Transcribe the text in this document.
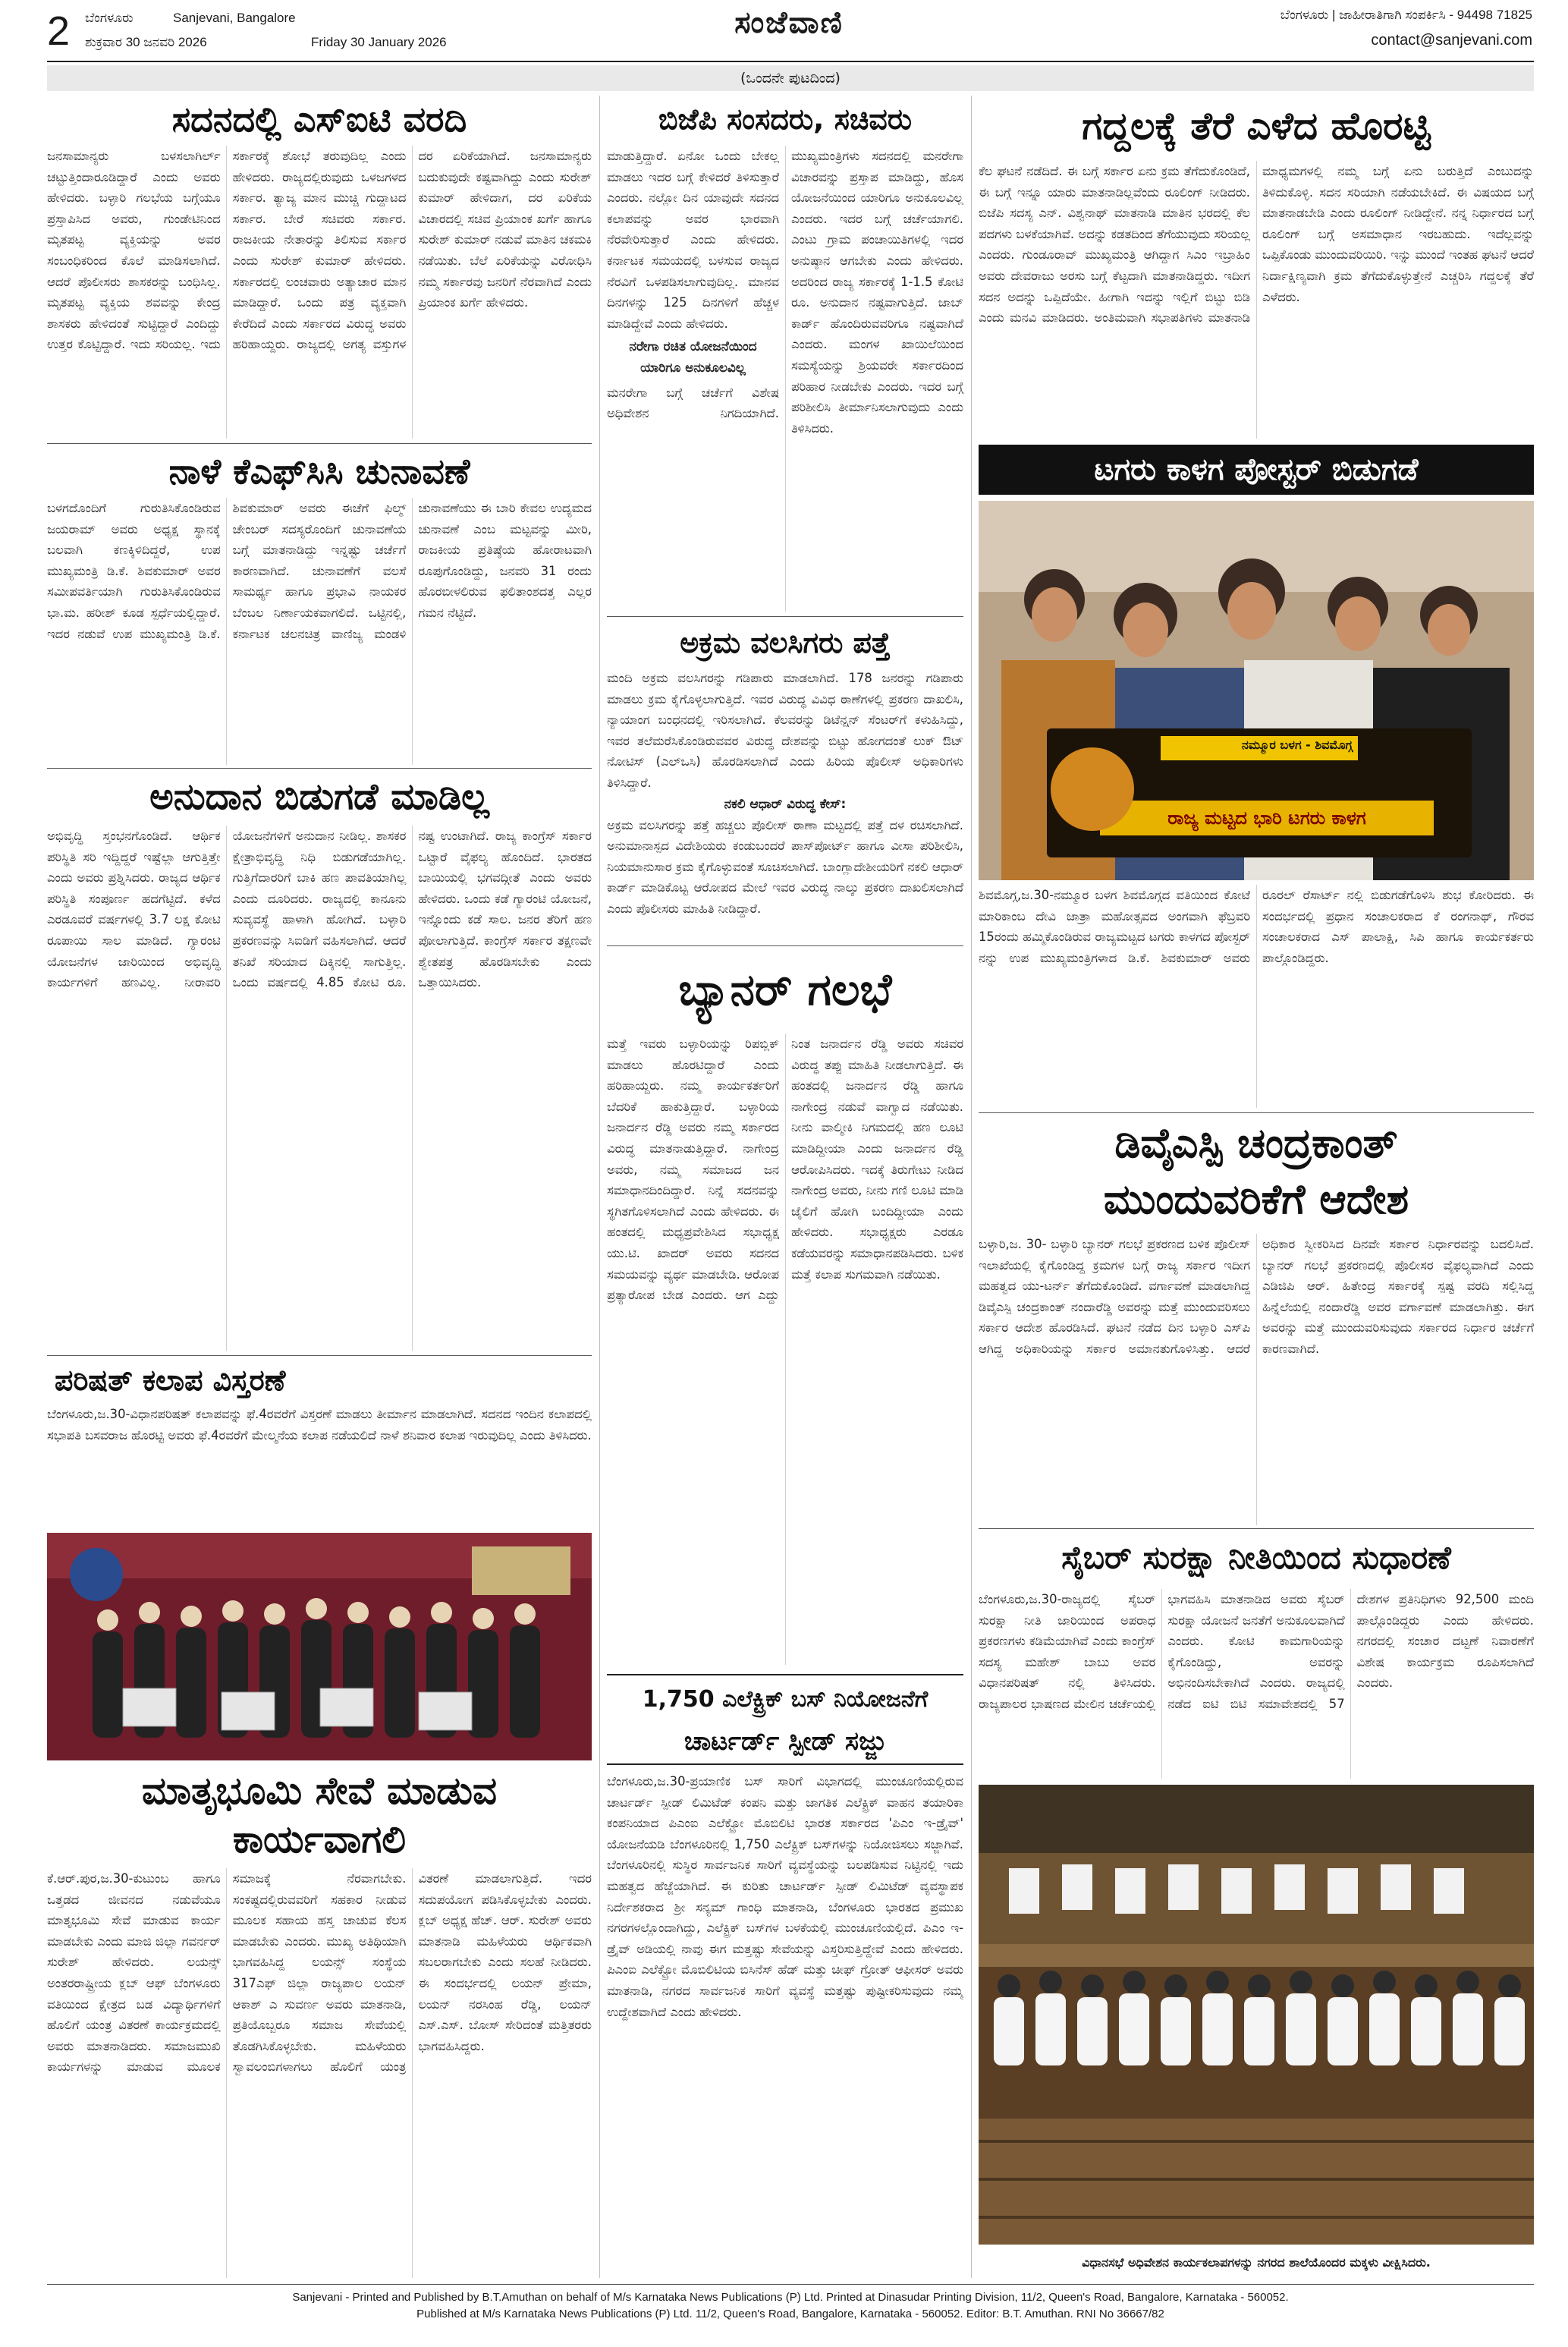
2 ಬೆಂಗಳೂರು	Sanjevani, Bangalore
ಶುಕ್ರವಾರ 30 ಜನವರಿ 2026	Friday 30 January 2026
ಸಂಜೆವಾಣಿ	ಬೆಂಗಳೂರು | ಜಾಹೀರಾತಿಗಾಗಿ ಸಂಪರ್ಕಿಸಿ - 94498 71825
contact@sanjevani.com
(ಒಂದನೇ ಪುಟದಿಂದ)
ಸದನದಲ್ಲಿ ಎಸ್‌ಐಟಿ ವರದಿ
ಜನಸಾಮಾನ್ಯರು ಬಳಸಲಾಗಿರ್ಲ್ ಚಟ್ಟುತ್ತಿಂದಾರೂಡಿದ್ದಾರೆ ಎಂದು ಅವರು ಹೇಳಿದರು. ಬಳ್ಳಾರಿ ಗಲಭೆಯ ಬಗ್ಗೆಯೂ ಪ್ರಸ್ತಾಪಿಸಿದ ಅವರು, ಗುಂಡೇಟಿನಿಂದ ಮೃತಪಟ್ಟ ವ್ಯಕ್ತಿಯನ್ನು ಅವರ ಸಂಬಂಧಿಕರಿಂದ ಕೊಲೆ ಮಾಡಿಸಲಾಗಿದೆ. ಆದರೆ ಪೊಲೀಸರು ಶಾಸಕರನ್ನು ಬಂಧಿಸಿಲ್ಲ. ಮೃತಪಟ್ಟ ವ್ಯಕ್ತಿಯ ಶವವನ್ನು ಕೇಂದ್ರ ಶಾಸಕರು ಹೇಳಿದಂತೆ ಸುಟ್ಟಿದ್ದಾರೆ ಎಂದಿದ್ದು ಉತ್ತರ ಕೊಟ್ಟಿದ್ದಾರೆ. ಇದು ಸರಿಯಲ್ಲ. ಇದು ಸರ್ಕಾರಕ್ಕೆ ಶೋಭೆ ತರುವುದಿಲ್ಲ ಎಂದು ಹೇಳಿದರು. ರಾಜ್ಯದಲ್ಲಿರುವುದು ಒಳಜಗಳದ ಸರ್ಕಾರ. ತ್ಯಾಜ್ಯ ಮಾನ ಮುಚ್ಚಿ ಗುದ್ದಾಟದ ಸರ್ಕಾರ. ಬೇರೆ ಸಚಿವರು ಸರ್ಕಾರ. ರಾಜಕೀಯ ನೇತಾರನ್ನು ತಿಲಿಸುವ ಸರ್ಕಾರ ಎಂದು ಸುರೇಶ್ ಕುಮಾರ್ ಹೇಳಿದರು. ಸರ್ಕಾರದಲ್ಲಿ ಲಂಚವಾರು ಅತ್ಯಾಚಾರ ಮಾನ ಮಾಡಿದ್ದಾರೆ. ಒಂದು ಪತ್ರ ವ್ಯಕ್ತವಾಗಿ ಕೇರೆದಿದೆ ಎಂದು ಸರ್ಕಾರದ ವಿರುದ್ಧ ಅವರು ಹರಿಹಾಯ್ದರು. ರಾಜ್ಯದಲ್ಲಿ ಅಗತ್ಯ ವಸ್ತುಗಳ ದರ ಏರಿಕೆಯಾಗಿದೆ. ಜನಸಾಮಾನ್ಯರು ಬದುಕುವುದೇ ಕಷ್ಟವಾಗಿದ್ದು ಎಂದು ಸುರೇಶ್ ಕುಮಾರ್ ಹೇಳಿದಾಗ, ದರ ಏರಿಕೆಯ ವಿಚಾರದಲ್ಲಿ ಸಚಿವ ಪ್ರಿಯಾಂಕ ಖರ್ಗೆ ಹಾಗೂ ಸುರೇಶ್ ಕುಮಾರ್ ನಡುವೆ ಮಾತಿನ ಚಕಮಕಿ ನಡೆಯಿತು. ಬೆಲೆ ಏರಿಕೆಯನ್ನು ವಿರೋಧಿಸಿ ನಮ್ಮ ಸರ್ಕಾರವು ಜನರಿಗೆ ನೆರವಾಗಿದೆ ಎಂದು ಪ್ರಿಯಾಂಕ ಖರ್ಗೆ ಹೇಳಿದರು.
ನಾಳೆ ಕೆಎಫ್‌ಸಿಸಿ ಚುನಾವಣೆ
ಬಳಗದೊಂದಿಗೆ ಗುರುತಿಸಿಕೊಂಡಿರುವ ಜಯರಾಮ್ ಅವರು ಅಧ್ಯಕ್ಷ ಸ್ಥಾನಕ್ಕೆ ಬಲವಾಗಿ ಕಣಕ್ಕಿಳಿದಿದ್ದರೆ, ಉಪ ಮುಖ್ಯಮಂತ್ರಿ ಡಿ.ಕೆ. ಶಿವಕುಮಾರ್ ಅವರ ಸಮೀಪವರ್ತಿಯಾಗಿ ಗುರುತಿಸಿಕೊಂಡಿರುವ ಭಾ.ಮ. ಹರೀಶ್ ಕೂಡ ಸ್ಪರ್ಧೆಯಲ್ಲಿದ್ದಾರೆ. ಇದರ ನಡುವೆ ಉಪ ಮುಖ್ಯಮಂತ್ರಿ ಡಿ.ಕೆ. ಶಿವಕುಮಾರ್ ಅವರು ಈಚೆಗೆ ಫಿಲ್ಮ್ ಚೇಂಬರ್ ಸದಸ್ಯರೊಂದಿಗೆ ಚುನಾವಣೆಯ ಬಗ್ಗೆ ಮಾತನಾಡಿದ್ದು ಇನ್ನಷ್ಟು ಚರ್ಚೆಗೆ ಕಾರಣವಾಗಿದೆ. ಚುನಾವಣೆಗೆ ವಲಸೆ ಸಾಮರ್ಥ್ಯ ಹಾಗೂ ಪ್ರಭಾವಿ ನಾಯಕರ ಬೆಂಬಲ ನಿರ್ಣಾಯಕವಾಗಲಿದೆ. ಒಟ್ಟಿನಲ್ಲಿ, ಕರ್ನಾಟಕ ಚಲನಚಿತ್ರ ವಾಣಿಜ್ಯ ಮಂಡಳಿ ಚುನಾವಣೆಯು ಈ ಬಾರಿ ಕೇವಲ ಉದ್ಯಮದ ಚುನಾವಣೆ ಎಂಬ ಮಟ್ಟವನ್ನು ಮೀರಿ, ರಾಜಕೀಯ ಪ್ರತಿಷ್ಠೆಯ ಹೋರಾಟವಾಗಿ ರೂಪುಗೊಂಡಿದ್ದು, ಜನವರಿ 31 ರಂದು ಹೊರಬೀಳಲಿರುವ ಫಲಿತಾಂಶದತ್ತ ಎಲ್ಲರ ಗಮನ ನೆಟ್ಟಿದೆ.
ಅನುದಾನ ಬಿಡುಗಡೆ ಮಾಡಿಲ್ಲ
ಅಭಿವೃದ್ಧಿ ಸ್ತಂಭನಗೊಂಡಿದೆ. ಆರ್ಥಿಕ ಪರಿಸ್ಥಿತಿ ಸರಿ ಇದ್ದಿದ್ದರೆ ಇಷ್ಟೆಲ್ಲಾ ಆಗುತ್ತಿತ್ತೇ ಎಂದು ಅವರು ಪ್ರಶ್ನಿಸಿದರು. ರಾಜ್ಯದ ಆರ್ಥಿಕ ಪರಿಸ್ಥಿತಿ ಸಂಪೂರ್ಣ ಹದಗೆಟ್ಟಿದೆ. ಕಳೆದ ಎರಡೂವರೆ ವರ್ಷಗಳಲ್ಲಿ 3.7 ಲಕ್ಷ ಕೋಟಿ ರೂಪಾಯಿ ಸಾಲ ಮಾಡಿದೆ. ಗ್ಯಾರಂಟಿ ಯೋಜನೆಗಳ ಜಾರಿಯಿಂದ ಅಭಿವೃದ್ಧಿ ಕಾರ್ಯಗಳಿಗೆ ಹಣವಿಲ್ಲ. ನೀರಾವರಿ ಯೋಜನೆಗಳಿಗೆ ಅನುದಾನ ನೀಡಿಲ್ಲ. ಶಾಸಕರ ಕ್ಷೇತ್ರಾಭಿವೃದ್ಧಿ ನಿಧಿ ಬಿಡುಗಡೆಯಾಗಿಲ್ಲ. ಗುತ್ತಿಗೆದಾರರಿಗೆ ಬಾಕಿ ಹಣ ಪಾವತಿಯಾಗಿಲ್ಲ ಎಂದು ದೂರಿದರು. ರಾಜ್ಯದಲ್ಲಿ ಕಾನೂನು ಸುವ್ಯವಸ್ಥೆ ಹಾಳಾಗಿ ಹೋಗಿದೆ. ಬಳ್ಳಾರಿ ಪ್ರಕರಣವನ್ನು ಸಿಐಡಿಗೆ ವಹಿಸಲಾಗಿದೆ. ಆದರೆ ತನಿಖೆ ಸರಿಯಾದ ದಿಕ್ಕಿನಲ್ಲಿ ಸಾಗುತ್ತಿಲ್ಲ. ಒಂದು ವರ್ಷದಲ್ಲಿ 4.85 ಕೋಟಿ ರೂ. ನಷ್ಟ ಉಂಟಾಗಿದೆ. ರಾಜ್ಯ ಕಾಂಗ್ರೆಸ್ ಸರ್ಕಾರ ಒಟ್ಟಾರೆ ವೈಫಲ್ಯ ಹೊಂದಿದೆ. ಭಾರತದ ಬಾಯಿಯಲ್ಲಿ ಭಗವದ್ಗೀತೆ ಎಂದು ಅವರು ಹೇಳಿದರು. ಒಂದು ಕಡೆ ಗ್ಯಾರಂಟಿ ಯೋಜನೆ, ಇನ್ನೊಂದು ಕಡೆ ಸಾಲ. ಜನರ ತೆರಿಗೆ ಹಣ ಪೋಲಾಗುತ್ತಿದೆ. ಕಾಂಗ್ರೆಸ್ ಸರ್ಕಾರ ತಕ್ಷಣವೇ ಶ್ವೇತಪತ್ರ ಹೊರಡಿಸಬೇಕು ಎಂದು ಒತ್ತಾಯಿಸಿದರು.
ಪರಿಷತ್ ಕಲಾಪ ವಿಸ್ತರಣೆ
ಬೆಂಗಳೂರು,ಜ.30-ವಿಧಾನಪರಿಷತ್ ಕಲಾಪವನ್ನು ಫೆ.4ರವರೆಗೆ ವಿಸ್ತರಣೆ ಮಾಡಲು ತೀರ್ಮಾನ ಮಾಡಲಾಗಿದೆ. ಸದನದ ಇಂದಿನ ಕಲಾಪದಲ್ಲಿ ಸಭಾಪತಿ ಬಸವರಾಜ ಹೊರಟ್ಟಿ ಅವರು ಫೆ.4ರವರೆಗೆ ಮೇಲ್ಮನೆಯ ಕಲಾಪ ನಡೆಯಲಿದೆ ನಾಳೆ ಶನಿವಾರ ಕಲಾಪ ಇರುವುದಿಲ್ಲ ಎಂದು ತಿಳಿಸಿದರು.
ಮಾತೃಭೂಮಿ ಸೇವೆ ಮಾಡುವ
ಕಾರ್ಯವಾಗಲಿ
ಕೆ.ಆರ್.ಪುರ,ಜ.30-ಕುಟುಂಬ ಹಾಗೂ ಒತ್ತಡದ ಜೀವನದ ನಡುವೆಯೂ ಮಾತೃಭೂಮಿ ಸೇವೆ ಮಾಡುವ ಕಾರ್ಯ ಮಾಡಬೇಕು ಎಂದು ಮಾಜಿ ಜಿಲ್ಲಾ ಗವರ್ನರ್ ಸುರೇಶ್ ಹೇಳಿದರು. ಲಯನ್ಸ್ ಅಂತರರಾಷ್ಟ್ರೀಯ ಕ್ಲಬ್ ಆಫ್ ಬೆಂಗಳೂರು ವತಿಯಿಂದ ಕ್ಷೇತ್ರದ ಬಡ ವಿದ್ಯಾರ್ಥಿಗಳಿಗೆ ಹೊಲಿಗೆ ಯಂತ್ರ ವಿತರಣೆ ಕಾರ್ಯಕ್ರಮದಲ್ಲಿ ಅವರು ಮಾತನಾಡಿದರು. ಸಮಾಜಮುಖಿ ಕಾರ್ಯಗಳನ್ನು ಮಾಡುವ ಮೂಲಕ ಸಮಾಜಕ್ಕೆ ನೆರವಾಗಬೇಕು. ಸಂಕಷ್ಟದಲ್ಲಿರುವವರಿಗೆ ಸಹಕಾರ ನೀಡುವ ಮೂಲಕ ಸಹಾಯ ಹಸ್ತ ಚಾಚುವ ಕೆಲಸ ಮಾಡಬೇಕು ಎಂದರು. ಮುಖ್ಯ ಅತಿಥಿಯಾಗಿ ಭಾಗವಹಿಸಿದ್ದ ಲಯನ್ಸ್ ಸಂಸ್ಥೆಯ 317ಎಫ್ ಜಿಲ್ಲಾ ರಾಜ್ಯಪಾಲ ಲಯನ್ ಆಕಾಶ್ ಎ ಸುವರ್ಣ ಅವರು ಮಾತನಾಡಿ, ಪ್ರತಿಯೊಬ್ಬರೂ ಸಮಾಜ ಸೇವೆಯಲ್ಲಿ ತೊಡಗಿಸಿಕೊಳ್ಳಬೇಕು. ಮಹಿಳೆಯರು ಸ್ವಾವಲಂಬಿಗಳಾಗಲು ಹೊಲಿಗೆ ಯಂತ್ರ ವಿತರಣೆ ಮಾಡಲಾಗುತ್ತಿದೆ. ಇದರ ಸದುಪಯೋಗ ಪಡಿಸಿಕೊಳ್ಳಬೇಕು ಎಂದರು. ಕ್ಲಬ್ ಅಧ್ಯಕ್ಷ ಹೆಚ್. ಆರ್. ಸುರೇಶ್ ಅವರು ಮಾತನಾಡಿ ಮಹಿಳೆಯರು ಆರ್ಥಿಕವಾಗಿ ಸಬಲರಾಗಬೇಕು ಎಂದು ಸಲಹೆ ನೀಡಿದರು. ಈ ಸಂದರ್ಭದಲ್ಲಿ ಲಯನ್ ಪ್ರೇಮಾ, ಲಯನ್ ನರಸಿಂಹ ರೆಡ್ಡಿ, ಲಯನ್ ಎಸ್.ಎಸ್. ಬೋಸ್ ಸೇರಿದಂತೆ ಮತ್ತಿತರರು ಭಾಗವಹಿಸಿದ್ದರು.
ಬಿಜೆಪಿ ಸಂಸದರು, ಸಚಿವರು
ಮಾಡುತ್ತಿದ್ದಾರೆ. ಏನೋ ಒಂದು ಬೇಕಲ್ಲ ಮಾಡಲು ಇದರ ಬಗ್ಗೆ ಕೇಳಿದರೆ ತಿಳಿಸುತ್ತಾರೆ ಎಂದರು. ನಲ್ಲೋ ದಿನ ಯಾವುದೇ ಸದನದ ಕಲಾಪವನ್ನು ಅವರ ಭಾರವಾಗಿ ನೆರವೇರಿಸುತ್ತಾರೆ ಎಂದು ಹೇಳಿದರು. ಕರ್ನಾಟಕ ಸಮಯದಲ್ಲಿ ಬಳಸುವ ರಾಜ್ಯದ ನೆರವಿಗೆ ಒಳಪಡಿಸಲಾಗುವುದಿಲ್ಲ. ಮಾನವ ದಿನಗಳನ್ನು 125 ದಿನಗಳಿಗೆ ಹೆಚ್ಚಳ ಮಾಡಿದ್ದೇವೆ ಎಂದು ಹೇಳಿದರು.
ನರೇಗಾ ರಚಿತ ಯೋಜನೆಯಿಂದ ಯಾರಿಗೂ ಅನುಕೂಲವಿಲ್ಲ
ಮನರೇಗಾ ಬಗ್ಗೆ ಚರ್ಚೆಗೆ ವಿಶೇಷ ಅಧಿವೇಶನ ನಿಗದಿಯಾಗಿದೆ. ಮುಖ್ಯಮಂತ್ರಿಗಳು ಸದನದಲ್ಲಿ ಮನರೇಗಾ ವಿಚಾರವನ್ನು ಪ್ರಸ್ತಾಪ ಮಾಡಿದ್ದು, ಹೊಸ ಯೋಜನೆಯಿಂದ ಯಾರಿಗೂ ಅನುಕೂಲವಿಲ್ಲ ಎಂದರು. ಇದರ ಬಗ್ಗೆ ಚರ್ಚೆಯಾಗಲಿ. ಎಂಟು ಗ್ರಾಮ ಪಂಚಾಯಿತಿಗಳಲ್ಲಿ ಇದರ ಅನುಷ್ಠಾನ ಆಗಬೇಕು ಎಂದು ಹೇಳಿದರು. ಅದರಿಂದ ರಾಜ್ಯ ಸರ್ಕಾರಕ್ಕೆ 1-1.5 ಕೋಟಿ ರೂ. ಅನುದಾನ ನಷ್ಟವಾಗುತ್ತಿದೆ. ಜಾಬ್ ಕಾರ್ಡ್ ಹೊಂದಿರುವವರಿಗೂ ನಷ್ಟವಾಗಿದೆ ಎಂದರು. ಮಂಗಳ ಖಾಯಿಲೆಯಿಂದ ಸಮಸ್ಯೆಯನ್ನು ಶ್ರಿಯವರೇ ಸರ್ಕಾರದಿಂದ ಪರಿಹಾರ ನೀಡಬೇಕು ಎಂದರು. ಇದರ ಬಗ್ಗೆ ಪರಿಶೀಲಿಸಿ ತೀರ್ಮಾನಿಸಲಾಗುವುದು ಎಂದು ತಿಳಿಸಿದರು.
ಅಕ್ರಮ ವಲಸಿಗರು ಪತ್ತೆ
ಮಂದಿ ಅಕ್ರಮ ವಲಸಿಗರನ್ನು ಗಡಿಪಾರು ಮಾಡಲಾಗಿದೆ. 178 ಜನರನ್ನು ಗಡಿಪಾರು ಮಾಡಲು ಕ್ರಮ ಕೈಗೊಳ್ಳಲಾಗುತ್ತಿದೆ. ಇವರ ವಿರುದ್ಧ ವಿವಿಧ ಠಾಣೆಗಳಲ್ಲಿ ಪ್ರಕರಣ ದಾಖಲಿಸಿ, ನ್ಯಾಯಾಂಗ ಬಂಧನದಲ್ಲಿ ಇರಿಸಲಾಗಿದೆ. ಕೆಲವರನ್ನು ಡಿಟೆನ್ಷನ್ ಸೆಂಟರ್‌ಗೆ ಕಳುಹಿಸಿದ್ದು, ಇವರ ತಲೆಮರೆಸಿಕೊಂಡಿರುವವರ ವಿರುದ್ಧ ದೇಶವನ್ನು ಬಿಟ್ಟು ಹೋಗದಂತೆ ಲುಕ್ ಔಟ್ ನೋಟಿಸ್ (ಎಲ್‌ಒಸಿ) ಹೊರಡಿಸಲಾಗಿದೆ ಎಂದು ಹಿರಿಯ ಪೊಲೀಸ್ ಅಧಿಕಾರಿಗಳು ತಿಳಿಸಿದ್ದಾರೆ.
ನಕಲಿ ಆಧಾರ್ ವಿರುದ್ಧ ಕೇಸ್:
ಅಕ್ರಮ ವಲಸಿಗರನ್ನು ಪತ್ತೆ ಹಚ್ಚಲು ಪೊಲೀಸ್ ಠಾಣಾ ಮಟ್ಟದಲ್ಲಿ ಪತ್ತೆ ದಳ ರಚಿಸಲಾಗಿದೆ. ಅನುಮಾನಾಸ್ಪದ ವಿದೇಶಿಯರು ಕಂಡುಬಂದರೆ ಪಾಸ್‌ಪೋರ್ಟ್ ಹಾಗೂ ವೀಸಾ ಪರಿಶೀಲಿಸಿ, ನಿಯಮಾನುಸಾರ ಕ್ರಮ ಕೈಗೊಳ್ಳುವಂತೆ ಸೂಚಿಸಲಾಗಿದೆ. ಬಾಂಗ್ಲಾದೇಶೀಯರಿಗೆ ನಕಲಿ ಆಧಾರ್ ಕಾರ್ಡ್ ಮಾಡಿಕೊಟ್ಟ ಆರೋಪದ ಮೇಲೆ ಇವರ ವಿರುದ್ಧ ನಾಲ್ಕು ಪ್ರಕರಣ ದಾಖಲಿಸಲಾಗಿದೆ ಎಂದು ಪೊಲೀಸರು ಮಾಹಿತಿ ನೀಡಿದ್ದಾರೆ.
ಬ್ಯಾನರ್ ಗಲಭೆ
ಮತ್ತೆ ಇವರು ಬಳ್ಳಾರಿಯನ್ನು ರಿಪಬ್ಲಿಕ್ ಮಾಡಲು ಹೊರಟಿದ್ದಾರೆ ಎಂದು ಹರಿಹಾಯ್ದರು. ನಮ್ಮ ಕಾರ್ಯಕರ್ತರಿಗೆ ಬೆದರಿಕೆ ಹಾಕುತ್ತಿದ್ದಾರೆ. ಬಳ್ಳಾರಿಯ ಜನಾರ್ದನ ರೆಡ್ಡಿ ಅವರು ನಮ್ಮ ಸರ್ಕಾರದ ವಿರುದ್ಧ ಮಾತನಾಡುತ್ತಿದ್ದಾರೆ. ನಾಗೇಂದ್ರ ಅವರು, ನಮ್ಮ ಸಮಾಜದ ಜನ ಸಮಾಧಾನದಿಂದಿದ್ದಾರೆ. ನಿನ್ನೆ ಸದನವನ್ನು ಸ್ಥಗಿತಗೊಳಿಸಲಾಗಿದೆ ಎಂದು ಹೇಳಿದರು. ಈ ಹಂತದಲ್ಲಿ ಮಧ್ಯಪ್ರವೇಶಿಸಿದ ಸಭಾಧ್ಯಕ್ಷ ಯು.ಟಿ. ಖಾದರ್ ಅವರು ಸದನದ ಸಮಯವನ್ನು ವ್ಯರ್ಥ ಮಾಡಬೇಡಿ. ಆರೋಪ ಪ್ರತ್ಯಾರೋಪ ಬೇಡ ಎಂದರು. ಆಗ ಎದ್ದು ನಿಂತ ಜನಾರ್ದನ ರೆಡ್ಡಿ ಅವರು ಸಚಿವರ ವಿರುದ್ಧ ತಪ್ಪು ಮಾಹಿತಿ ನೀಡಲಾಗುತ್ತಿದೆ. ಈ ಹಂತದಲ್ಲಿ ಜನಾರ್ದನ ರೆಡ್ಡಿ ಹಾಗೂ ನಾಗೇಂದ್ರ ನಡುವೆ ವಾಗ್ವಾದ ನಡೆಯಿತು. ನೀನು ವಾಲ್ಮೀಕಿ ನಿಗಮದಲ್ಲಿ ಹಣ ಲೂಟಿ ಮಾಡಿದ್ದೀಯಾ ಎಂದು ಜನಾರ್ದನ ರೆಡ್ಡಿ ಆರೋಪಿಸಿದರು. ಇದಕ್ಕೆ ತಿರುಗೇಟು ನೀಡಿದ ನಾಗೇಂದ್ರ ಅವರು, ನೀನು ಗಣಿ ಲೂಟಿ ಮಾಡಿ ಜೈಲಿಗೆ ಹೋಗಿ ಬಂದಿದ್ದೀಯಾ ಎಂದು ಹೇಳಿದರು. ಸಭಾಧ್ಯಕ್ಷರು ಎರಡೂ ಕಡೆಯವರನ್ನು ಸಮಾಧಾನಪಡಿಸಿದರು. ಬಳಿಕ ಮತ್ತೆ ಕಲಾಪ ಸುಗಮವಾಗಿ ನಡೆಯಿತು.
1,750 ಎಲೆಕ್ಟ್ರಿಕ್ ಬಸ್ ನಿಯೋಜನೆಗೆ
ಚಾರ್ಟರ್ಡ್ ಸ್ಪೀಡ್ ಸಜ್ಜು
ಬೆಂಗಳೂರು,ಜ.30-ಪ್ರಯಾಣಿಕ ಬಸ್ ಸಾರಿಗೆ ವಿಭಾಗದಲ್ಲಿ ಮುಂಚೂಣಿಯಲ್ಲಿರುವ ಚಾರ್ಟರ್ಡ್ ಸ್ಪೀಡ್ ಲಿಮಿಟೆಡ್ ಕಂಪನಿ ಮತ್ತು ಜಾಗತಿಕ ಎಲೆಕ್ಟ್ರಿಕ್ ವಾಹನ ತಯಾರಿಕಾ ಕಂಪನಿಯಾದ ಪಿಎಂಐ ಎಲೆಕ್ಟ್ರೋ ಮೊಬಿಲಿಟಿ ಭಾರತ ಸರ್ಕಾರದ 'ಪಿಎಂ ಇ-ಡ್ರೈವ್' ಯೋಜನೆಯಡಿ ಬೆಂಗಳೂರಿನಲ್ಲಿ 1,750 ಎಲೆಕ್ಟ್ರಿಕ್ ಬಸ್‌ಗಳನ್ನು ನಿಯೋಜಿಸಲು ಸಜ್ಜಾಗಿವೆ. ಬೆಂಗಳೂರಿನಲ್ಲಿ ಸುಸ್ಥಿರ ಸಾರ್ವಜನಿಕ ಸಾರಿಗೆ ವ್ಯವಸ್ಥೆಯನ್ನು ಬಲಪಡಿಸುವ ನಿಟ್ಟಿನಲ್ಲಿ ಇದು ಮಹತ್ವದ ಹೆಜ್ಜೆಯಾಗಿದೆ. ಈ ಕುರಿತು ಚಾರ್ಟರ್ಡ್ ಸ್ಪೀಡ್ ಲಿಮಿಟೆಡ್ ವ್ಯವಸ್ಥಾಪಕ ನಿರ್ದೇಶಕರಾದ ಶ್ರೀ ಸನ್ಯಮ್ ಗಾಂಧಿ ಮಾತನಾಡಿ, ಬೆಂಗಳೂರು ಭಾರತದ ಪ್ರಮುಖ ನಗರಗಳಲ್ಲೊಂದಾಗಿದ್ದು, ಎಲೆಕ್ಟ್ರಿಕ್ ಬಸ್‌ಗಳ ಬಳಕೆಯಲ್ಲಿ ಮುಂಚೂಣಿಯಲ್ಲಿದೆ. ಪಿಎಂ ಇ-ಡ್ರೈವ್ ಅಡಿಯಲ್ಲಿ ನಾವು ಈಗ ಮತ್ತಷ್ಟು ಸೇವೆಯನ್ನು ವಿಸ್ತರಿಸುತ್ತಿದ್ದೇವೆ ಎಂದು ಹೇಳಿದರು. ಪಿಎಂಐ ಎಲೆಕ್ಟ್ರೋ ಮೊಬಿಲಿಟಿಯ ಬಿಸಿನೆಸ್ ಹೆಡ್ ಮತ್ತು ಚೀಫ್ ಗ್ರೋತ್ ಆಫೀಸರ್ ಅವರು ಮಾತನಾಡಿ, ನಗರದ ಸಾರ್ವಜನಿಕ ಸಾರಿಗೆ ವ್ಯವಸ್ಥೆ ಮತ್ತಷ್ಟು ಪುಷ್ಟೀಕರಿಸುವುದು ನಮ್ಮ ಉದ್ದೇಶವಾಗಿದೆ ಎಂದು ಹೇಳಿದರು.
ಗದ್ದಲಕ್ಕೆ ತೆರೆ ಎಳೆದ ಹೊರಟ್ಟಿ
ಕೆಲ ಘಟನೆ ನಡೆದಿದೆ. ಈ ಬಗ್ಗೆ ಸರ್ಕಾರ ಏನು ಕ್ರಮ ತೆಗೆದುಕೊಂಡಿದೆ, ಈ ಬಗ್ಗೆ ಇನ್ನೂ ಯಾರು ಮಾತನಾಡಿಲ್ಲವೆಂದು ರೂಲಿಂಗ್ ನೀಡಿದರು. ಬಿಜೆಪಿ ಸದಸ್ಯ ಎನ್. ವಿಶ್ವನಾಥ್ ಮಾತನಾಡಿ ಮಾತಿನ ಭರದಲ್ಲಿ ಕೆಲ ಪದಗಳು ಬಳಕೆಯಾಗಿವೆ. ಅದನ್ನು ಕಡತದಿಂದ ತೆಗೆಯುವುದು ಸರಿಯಲ್ಲ ಎಂದರು. ಗುಂಡೂರಾವ್ ಮುಖ್ಯಮಂತ್ರಿ ಆಗಿದ್ದಾಗ ಸಿಎಂ ಇಬ್ರಾಹಿಂ ಅವರು ದೇವರಾಜು ಅರಸು ಬಗ್ಗೆ ಕೆಟ್ಟದಾಗಿ ಮಾತನಾಡಿದ್ದರು. ಇದೀಗ ಸದನ ಅದನ್ನು ಒಪ್ಪಿದೆಯೇ. ಹೀಗಾಗಿ ಇದನ್ನು ಇಲ್ಲಿಗೆ ಬಿಟ್ಟು ಬಿಡಿ ಎಂದು ಮನವಿ ಮಾಡಿದರು. ಅಂತಿಮವಾಗಿ ಸಭಾಪತಿಗಳು ಮಾತನಾಡಿ ಮಾಧ್ಯಮಗಳಲ್ಲಿ ನಮ್ಮ ಬಗ್ಗೆ ಏನು ಬರುತ್ತಿದೆ ಎಂಬುದನ್ನು ತಿಳಿದುಕೊಳ್ಳಿ. ಸದನ ಸರಿಯಾಗಿ ನಡೆಯಬೇಕಿದೆ. ಈ ವಿಷಯದ ಬಗ್ಗೆ ಮಾತನಾಡಬೇಡಿ ಎಂದು ರೂಲಿಂಗ್ ನೀಡಿದ್ದೇನೆ. ನನ್ನ ನಿರ್ಧಾರದ ಬಗ್ಗೆ ರೂಲಿಂಗ್ ಬಗ್ಗೆ ಅಸಮಾಧಾನ ಇರಬಹುದು. ಇದೆಲ್ಲವನ್ನು ಒಪ್ಪಿಕೊಂಡು ಮುಂದುವರಿಯಿರಿ. ಇನ್ನು ಮುಂದೆ ಇಂತಹ ಘಟನೆ ಆದರೆ ನಿರ್ದಾಕ್ಷಿಣ್ಯವಾಗಿ ಕ್ರಮ ತೆಗೆದುಕೊಳ್ಳುತ್ತೇನೆ ಎಚ್ಚರಿಸಿ ಗದ್ದಲಕ್ಕೆ ತೆರೆ ಎಳೆದರು.
ಟಗರು ಕಾಳಗ ಪೋಸ್ಟರ್ ಬಿಡುಗಡೆ
ನಮ್ಮೂರ ಬಳಗ - ಶಿವಮೊಗ್ಗ
ರಾಜ್ಯ ಮಟ್ಟದ ಭಾರಿ ಟಗರು ಕಾಳಗ
ಶಿವಮೊಗ್ಗ,ಜ.30-ನಮ್ಮೂರ ಬಳಗ ಶಿವಮೊಗ್ಗದ ವತಿಯಿಂದ ಕೋಟೆ ಮಾರಿಕಾಂಬ ದೇವಿ ಜಾತ್ರಾ ಮಹೋತ್ಸವದ ಅಂಗವಾಗಿ ಫೆಬ್ರವರಿ 15ರಂದು ಹಮ್ಮಿಕೊಂಡಿರುವ ರಾಜ್ಯಮಟ್ಟದ ಟಗರು ಕಾಳಗದ ಪೋಸ್ಟರ್ ನನ್ನು ಉಪ ಮುಖ್ಯಮಂತ್ರಿಗಳಾದ ಡಿ.ಕೆ. ಶಿವಕುಮಾರ್ ಅವರು ರೂರಲ್ ರೆಸಾರ್ಟ್ ನಲ್ಲಿ ಬಿಡುಗಡೆಗೊಳಿಸಿ ಶುಭ ಕೋರಿದರು. ಈ ಸಂದರ್ಭದಲ್ಲಿ ಪ್ರಧಾನ ಸಂಚಾಲಕರಾದ ಕೆ ರಂಗನಾಥ್, ಗೌರವ ಸಂಚಾಲಕರಾದ ಎಸ್ ಪಾಲಾಕ್ಷಿ, ಸಿಪಿ ಹಾಗೂ ಕಾರ್ಯಕರ್ತರು ಪಾಲ್ಗೊಂಡಿದ್ದರು.
ಡಿವೈಎಸ್ಪಿ ಚಂದ್ರಕಾಂತ್
ಮುಂದುವರಿಕೆಗೆ ಆದೇಶ
ಬಳ್ಳಾರಿ,ಜ. 30- ಬಳ್ಳಾರಿ ಬ್ಯಾನರ್ ಗಲಭೆ ಪ್ರಕರಣದ ಬಳಿಕ ಪೊಲೀಸ್ ಇಲಾಖೆಯಲ್ಲಿ ಕೈಗೊಂಡಿದ್ದ ಕ್ರಮಗಳ ಬಗ್ಗೆ ರಾಜ್ಯ ಸರ್ಕಾರ ಇದೀಗ ಮಹತ್ವದ ಯು-ಟರ್ನ್ ತೆಗೆದುಕೊಂಡಿದೆ. ವರ್ಗಾವಣೆ ಮಾಡಲಾಗಿದ್ದ ಡಿವೈಎಸ್ಪಿ ಚಂದ್ರಕಾಂತ್ ನಂದಾರೆಡ್ಡಿ ಅವರನ್ನು ಮತ್ತೆ ಮುಂದುವರಿಸಲು ಸರ್ಕಾರ ಆದೇಶ ಹೊರಡಿಸಿದೆ. ಘಟನೆ ನಡೆದ ದಿನ ಬಳ್ಳಾರಿ ಎಸ್‌ಪಿ ಆಗಿದ್ದ ಅಧಿಕಾರಿಯನ್ನು ಸರ್ಕಾರ ಅಮಾನತುಗೊಳಿಸಿತ್ತು. ಆದರೆ ಅಧಿಕಾರ ಸ್ವೀಕರಿಸಿದ ದಿನವೇ ಸರ್ಕಾರ ನಿರ್ಧಾರವನ್ನು ಬದಲಿಸಿದೆ. ಬ್ಯಾನರ್ ಗಲಭೆ ಪ್ರಕರಣದಲ್ಲಿ ಪೊಲೀಸರ ವೈಫಲ್ಯವಾಗಿದೆ ಎಂದು ಎಡಿಜಿಪಿ ಆರ್. ಹಿತೇಂದ್ರ ಸರ್ಕಾರಕ್ಕೆ ಸ್ಪಷ್ಟ ವರದಿ ಸಲ್ಲಿಸಿದ್ದ ಹಿನ್ನೆಲೆಯಲ್ಲಿ ನಂದಾರೆಡ್ಡಿ ಅವರ ವರ್ಗಾವಣೆ ಮಾಡಲಾಗಿತ್ತು. ಈಗ ಅವರನ್ನು ಮತ್ತೆ ಮುಂದುವರಿಸುವುದು ಸರ್ಕಾರದ ನಿರ್ಧಾರ ಚರ್ಚೆಗೆ ಕಾರಣವಾಗಿದೆ.
ಸೈಬರ್ ಸುರಕ್ಷಾ ನೀತಿಯಿಂದ ಸುಧಾರಣೆ
ಬೆಂಗಳೂರು,ಜ.30-ರಾಜ್ಯದಲ್ಲಿ ಸೈಬರ್ ಸುರಕ್ಷಾ ನೀತಿ ಜಾರಿಯಿಂದ ಅಪರಾಧ ಪ್ರಕರಣಗಳು ಕಡಿಮೆಯಾಗಿವೆ ಎಂದು ಕಾಂಗ್ರೆಸ್ ಸದಸ್ಯ ಮಹೇಶ್ ಬಾಬು ಅವರ ವಿಧಾನಪರಿಷತ್ ನಲ್ಲಿ ತಿಳಿಸಿದರು. ರಾಜ್ಯಪಾಲರ ಭಾಷಣದ ಮೇಲಿನ ಚರ್ಚೆಯಲ್ಲಿ ಭಾಗವಹಿಸಿ ಮಾತನಾಡಿದ ಅವರು ಸೈಬರ್ ಸುರಕ್ಷಾ ಯೋಜನೆ ಜನತೆಗೆ ಅನುಕೂಲವಾಗಿದೆ ಎಂದರು. ಕೋಟಿ ಕಾಮಗಾರಿಯನ್ನು ಕೈಗೊಂಡಿದ್ದು, ಅವರನ್ನು ಅಭಿನಂದಿಸಬೇಕಾಗಿದೆ ಎಂದರು. ರಾಜ್ಯದಲ್ಲಿ ನಡೆದ ಐಟಿ ಬಿಟಿ ಸಮಾವೇಶದಲ್ಲಿ 57 ದೇಶಗಳ ಪ್ರತಿನಿಧಿಗಳು 92,500 ಮಂದಿ ಪಾಲ್ಗೊಂಡಿದ್ದರು ಎಂದು ಹೇಳಿದರು. ನಗರದಲ್ಲಿ ಸಂಚಾರ ದಟ್ಟಣೆ ನಿವಾರಣೆಗೆ ವಿಶೇಷ ಕಾರ್ಯಕ್ರಮ ರೂಪಿಸಲಾಗಿದೆ ಎಂದರು.
ವಿಧಾನಸಭೆ ಅಧಿವೇಶನ ಕಾರ್ಯಕಲಾಪಗಳನ್ನು ನಗರದ ಶಾಲೆಯೊಂದರ ಮಕ್ಕಳು ವೀಕ್ಷಿಸಿದರು.
Sanjevani - Printed and Published by B.T.Amuthan on behalf of M/s Karnataka News Publications (P) Ltd. Printed at Dinasudar Printing Division, 11/2, Queen's Road, Bangalore, Karnataka - 560052.
Published at M/s Karnataka News Publications (P) Ltd. 11/2, Queen's Road, Bangalore, Karnataka - 560052. Editor: B.T. Amuthan. RNI No 36667/82
